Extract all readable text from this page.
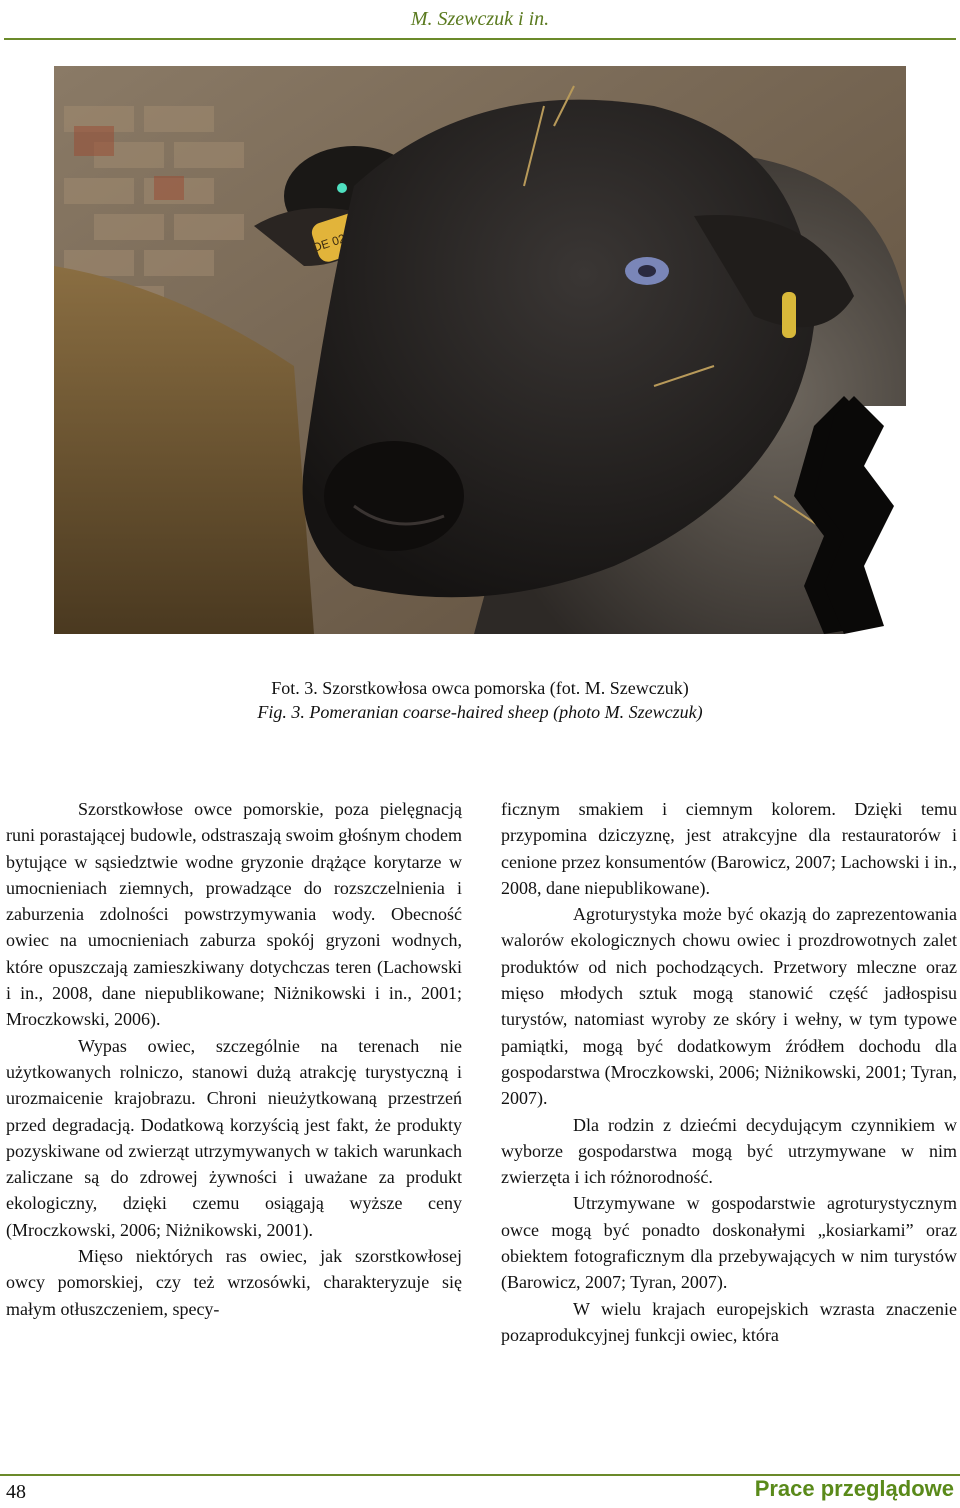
M. Szewczuk i in.
Fot. 3. Szorstkowłosa owca pomorska (fot. M. Szewczuk)
Fig. 3. Pomeranian coarse-haired sheep (photo M. Szewczuk)

Szorstkowłose owce pomorskie, poza pielęgnacją runi porastającej budowle, odstraszają swoim głośnym chodem bytujące w sąsiedztwie wodne gryzonie drążące korytarze w umocnieniach ziemnych, prowadzące do rozszczelnienia i zaburzenia zdolności powstrzymywania wody. Obecność owiec na umocnieniach zaburza spokój gryzoni wodnych, które opuszczają zamieszkiwany dotychczas teren (Lachowski i in., 2008, dane niepublikowane; Niżnikowski i in., 2001; Mroczkowski, 2006).

Wypas owiec, szczególnie na terenach nie użytkowanych rolniczo, stanowi dużą atrakcję turystyczną i urozmaicenie krajobrazu. Chroni nieużytkowaną przestrzeń przed degradacją. Dodatkową korzyścią jest fakt, że produkty pozyskiwane od zwierząt utrzymywanych w takich warunkach zaliczane są do zdrowej żywności i uważane za produkt ekologiczny, dzięki czemu osiągają wyższe ceny (Mroczkowski, 2006; Niżnikowski, 2001).

Mięso niektórych ras owiec, jak szorstkowłosej owcy pomorskiej, czy też wrzosówki, charakteryzuje się małym otłuszczeniem, specy-

ficznym smakiem i ciemnym kolorem. Dzięki temu przypomina dziczyznę, jest atrakcyjne dla restauratorów i cenione przez konsumentów (Barowicz, 2007; Lachowski i in., 2008, dane niepublikowane).

Agroturystyka może być okazją do zaprezentowania walorów ekologicznych chowu owiec i prozdrowotnych zalet produktów od nich pochodzących. Przetwory mleczne oraz mięso młodych sztuk mogą stanowić część jadłospisu turystów, natomiast wyroby ze skóry i wełny, w tym typowe pamiątki, mogą być dodatkowym źródłem dochodu dla gospodarstwa (Mroczkowski, 2006; Niżnikowski, 2001; Tyran, 2007).

Dla rodzin z dziećmi decydującym czynnikiem w wyborze gospodarstwa mogą być utrzymywane w nim zwierzęta i ich różnorodność.

Utrzymywane w gospodarstwie agroturystycznym owce mogą być ponadto doskonałymi „kosiarkami” oraz obiektem fotograficznym dla przebywających w nim turystów (Barowicz, 2007; Tyran, 2007).

W wielu krajach europejskich wzrasta znaczenie pozaprodukcyjnej funkcji owiec, która

48	Prace przeglądowe
